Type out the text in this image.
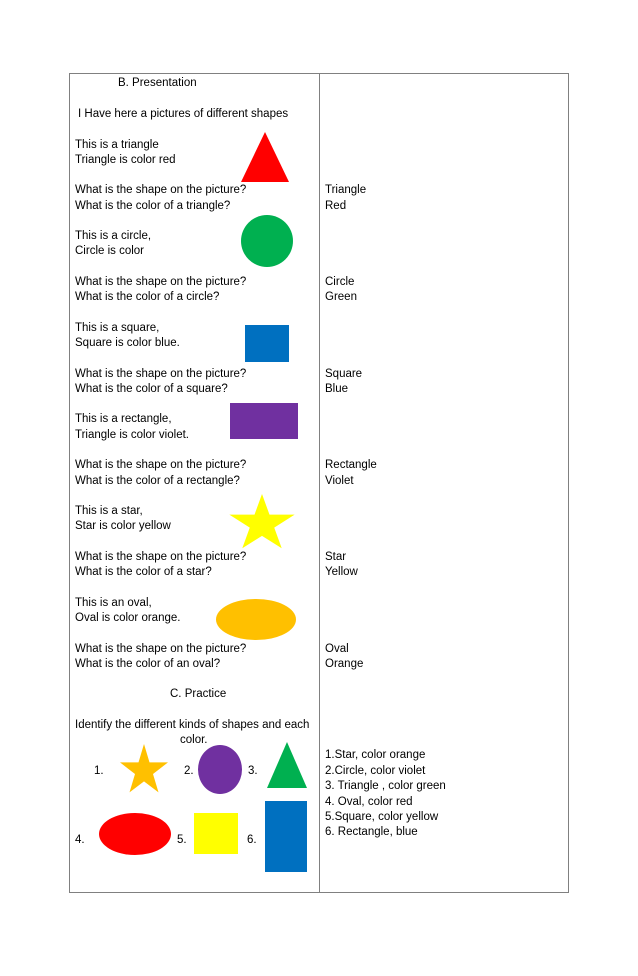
B. Presentation
I Have here a pictures of different shapes
This is a triangle
Triangle is color red
What is the shape on the picture?
What is the color of a triangle?
Triangle
Red
This is a circle,
Circle is color
What is the shape on the picture?
What is the color of a circle?
Circle
Green
This is a square,
Square is color blue.
What is the shape on the picture?
What is the color of a square?
Square
Blue
This is a rectangle,
Triangle is color violet.
What is the shape on the picture?
What is the color of a rectangle?
Rectangle
Violet
This is a star,
Star is color yellow
What is the shape on the picture?
What is the color of a star?
Star
Yellow
This is an oval,
Oval is color orange.
What is the shape on the picture?
What is the color of an oval?
Oval
Orange
C. Practice
Identify the different kinds of shapes and each
color.
1.	2.	3.
4.	5.	6.
1.Star, color orange
2.Circle, color violet
3. Triangle , color green
4. Oval, color red
5.Square, color yellow
6. Rectangle, blue
